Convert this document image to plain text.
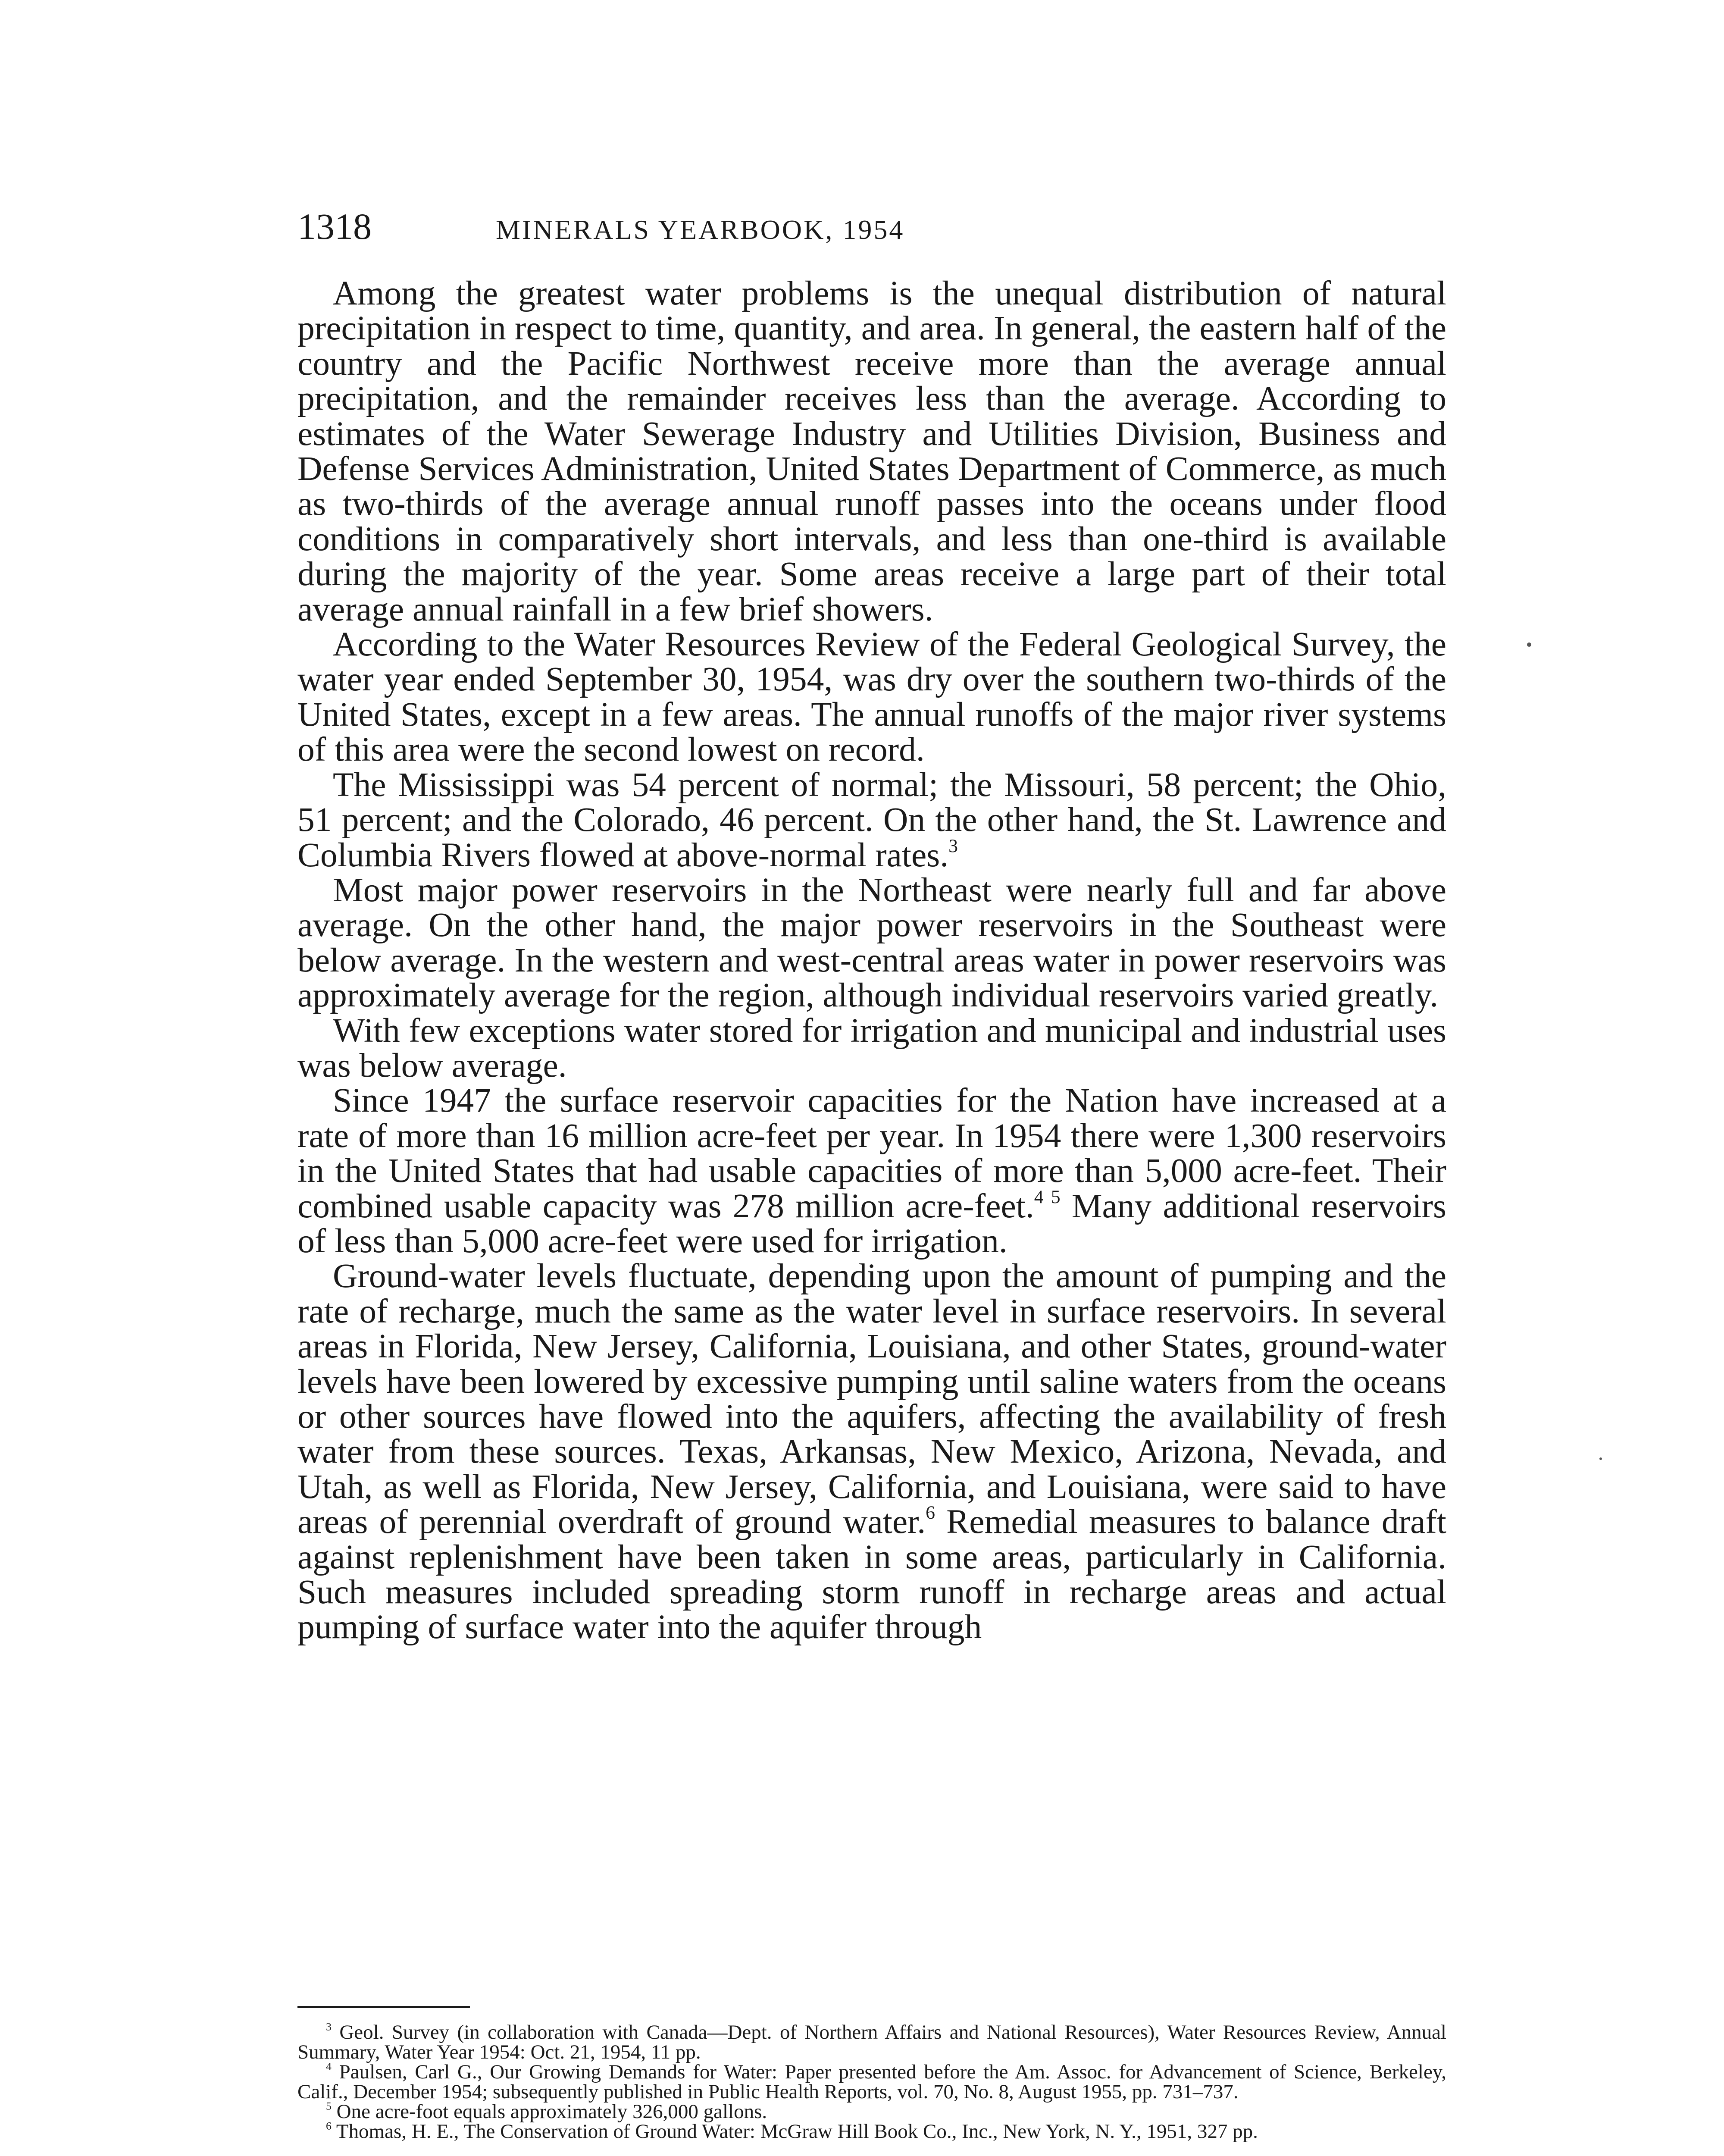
1318	MINERALS YEARBOOK, 1954

Among the greatest water problems is the unequal distribution of natural precipitation in respect to time, quantity, and area. In general, the eastern half of the country and the Pacific Northwest receive more than the average annual precipitation, and the remainder receives less than the average. According to estimates of the Water Sewerage Industry and Utilities Division, Business and Defense Services Administration, United States Department of Commerce, as much as two-thirds of the average annual runoff passes into the oceans under flood conditions in comparatively short intervals, and less than one-third is available during the majority of the year. Some areas receive a large part of their total average annual rainfall in a few brief showers.

According to the Water Resources Review of the Federal Geological Survey, the water year ended September 30, 1954, was dry over the southern two-thirds of the United States, except in a few areas. The annual runoffs of the major river systems of this area were the second lowest on record.

The Mississippi was 54 percent of normal; the Missouri, 58 percent; the Ohio, 51 percent; and the Colorado, 46 percent. On the other hand, the St. Lawrence and Columbia Rivers flowed at above-normal rates.$^3$

Most major power reservoirs in the Northeast were nearly full and far above average. On the other hand, the major power reservoirs in the Southeast were below average. In the western and west-central areas water in power reservoirs was approximately average for the region, although individual reservoirs varied greatly.

With few exceptions water stored for irrigation and municipal and industrial uses was below average.

Since 1947 the surface reservoir capacities for the Nation have increased at a rate of more than 16 million acre-feet per year. In 1954 there were 1,300 reservoirs in the United States that had usable capacities of more than 5,000 acre-feet. Their combined usable capacity was 278 million acre-feet.$^{4 5}$ Many additional reservoirs of less than 5,000 acre-feet were used for irrigation.

Ground-water levels fluctuate, depending upon the amount of pumping and the rate of recharge, much the same as the water level in surface reservoirs. In several areas in Florida, New Jersey, California, Louisiana, and other States, ground-water levels have been lowered by excessive pumping until saline waters from the oceans or other sources have flowed into the aquifers, affecting the availability of fresh water from these sources. Texas, Arkansas, New Mexico, Arizona, Nevada, and Utah, as well as Florida, New Jersey, California, and Louisiana, were said to have areas of perennial overdraft of ground water.$^6$ Remedial measures to balance draft against replenishment have been taken in some areas, particularly in California. Such measures included spreading storm runoff in recharge areas and actual pumping of surface water into the aquifer through

$^3$ Geol. Survey (in collaboration with Canada—Dept. of Northern Affairs and National Resources), Water Resources Review, Annual Summary, Water Year 1954: Oct. 21, 1954, 11 pp.

$^4$ Paulsen, Carl G., Our Growing Demands for Water: Paper presented before the Am. Assoc. for Advancement of Science, Berkeley, Calif., December 1954; subsequently published in Public Health Reports, vol. 70, No. 8, August 1955, pp. 731–737.

$^5$ One acre-foot equals approximately 326,000 gallons.

$^6$ Thomas, H. E., The Conservation of Ground Water: McGraw Hill Book Co., Inc., New York, N. Y., 1951, 327 pp.
